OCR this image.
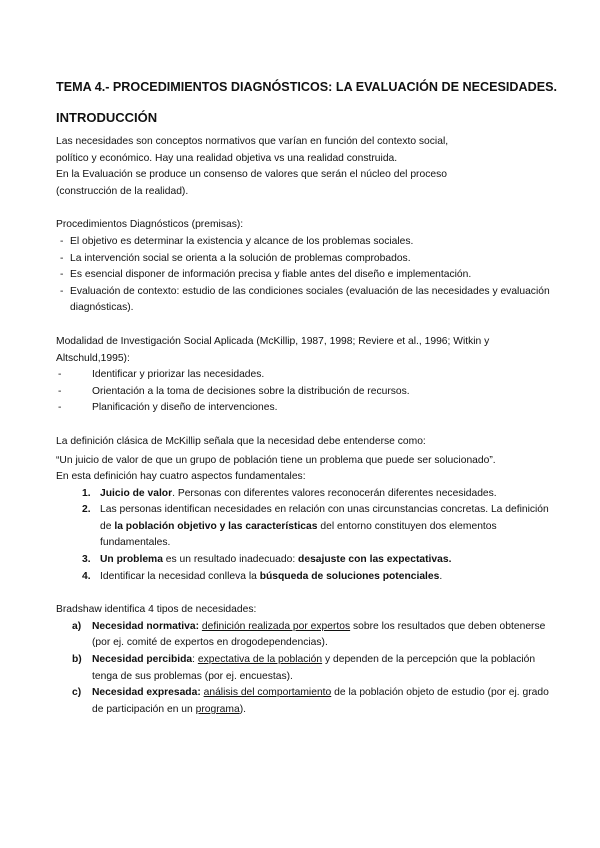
TEMA 4.- PROCEDIMIENTOS DIAGNÓSTICOS: LA EVALUACIÓN DE NECESIDADES.
INTRODUCCIÓN

Las necesidades son conceptos normativos que varían en función del contexto social,

político y económico. Hay una realidad objetiva vs una realidad construida.

En la Evaluación se produce un consenso de valores que serán el núcleo del proceso

(construcción de la realidad).

Procedimientos Diagnósticos (premisas):

- El objetivo es determinar la existencia y alcance de los problemas sociales.
- La intervención social se orienta a la solución de problemas comprobados.
- Es esencial disponer de información precisa y fiable antes del diseño e implementación.
- Evaluación de contexto: estudio de las condiciones sociales (evaluación de las necesidades y evaluación diagnósticas).

Modalidad de Investigación Social Aplicada (McKillip, 1987, 1998; Reviere et al., 1996; Witkin y Altschuld,1995):

- Identificar y priorizar las necesidades.
- Orientación a la toma de decisiones sobre la distribución de recursos.
- Planificación y diseño de intervenciones.

La definición clásica de McKillip señala que la necesidad debe entenderse como:

“Un juicio de valor de que un grupo de población tiene un problema que puede ser solucionado”.

En esta definición hay cuatro aspectos fundamentales:

1. Juicio de valor. Personas con diferentes valores reconocerán diferentes necesidades.
2. Las personas identifican necesidades en relación con unas circunstancias concretas. La definición de la población objetivo y las características del entorno constituyen dos elementos fundamentales.
3. Un problema es un resultado inadecuado: desajuste con las expectativas.
4. Identificar la necesidad conlleva la búsqueda de soluciones potenciales.

Bradshaw identifica 4 tipos de necesidades:

a) Necesidad normativa: definición realizada por expertos sobre los resultados que deben obtenerse (por ej. comité de expertos en drogodependencias).
b) Necesidad percibida: expectativa de la población y dependen de la percepción que la población tenga de sus problemas (por ej. encuestas).
c) Necesidad expresada: análisis del comportamiento de la población objeto de estudio (por ej. grado de participación en un programa).
